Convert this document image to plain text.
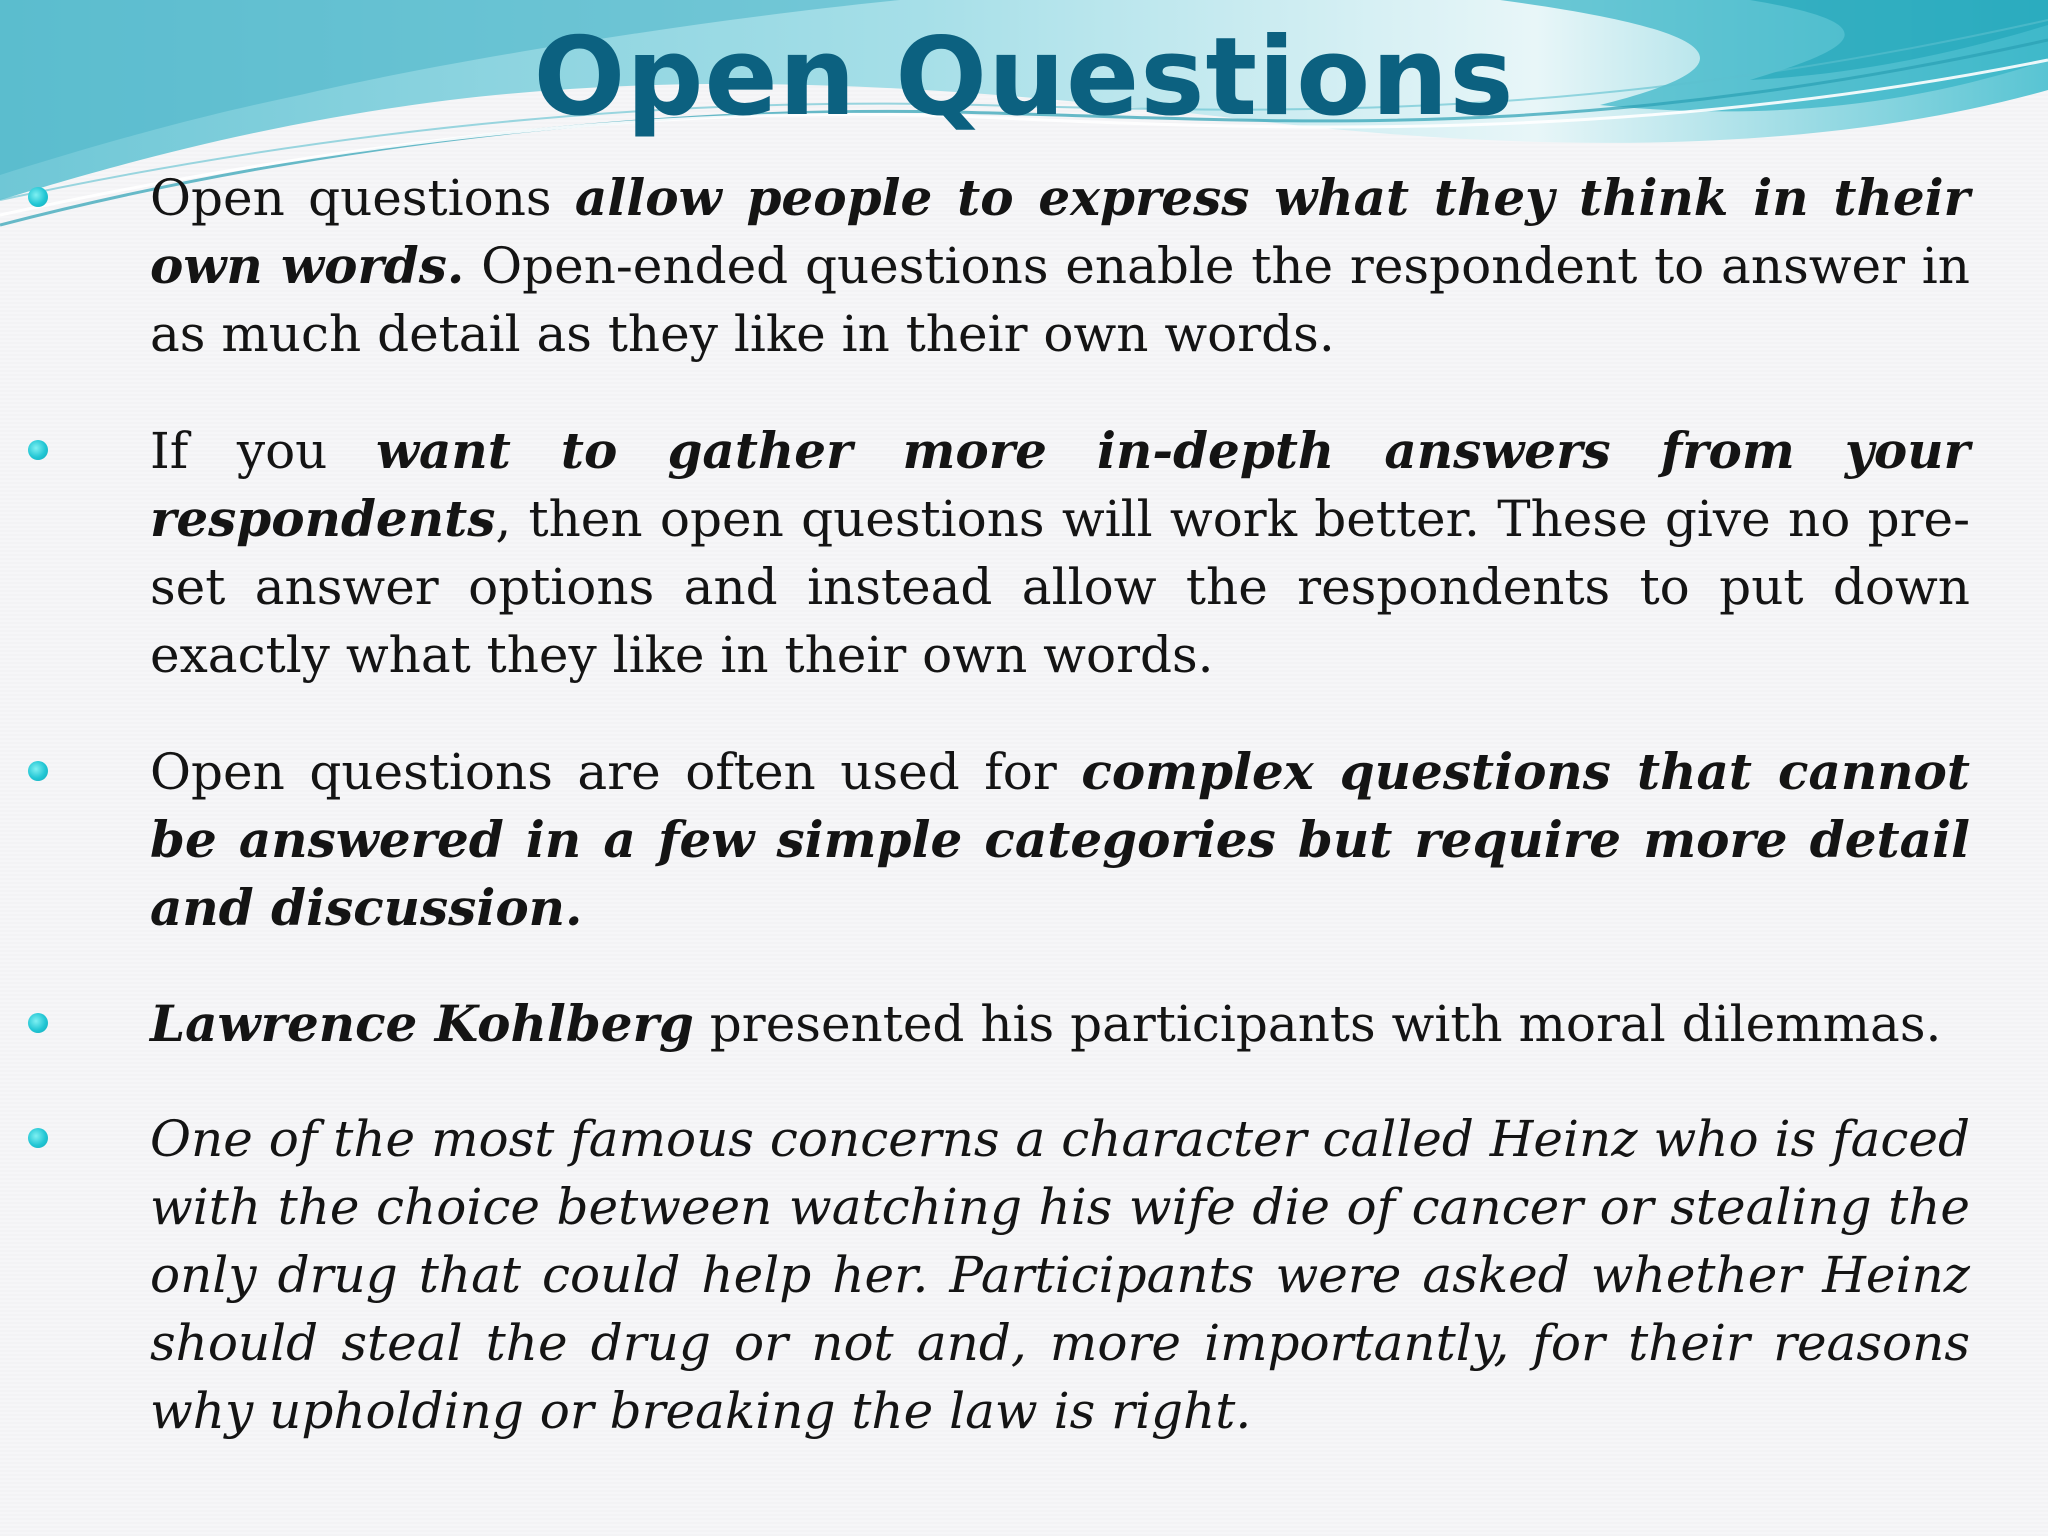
Open Questions

Open questions allow people to express what they think in their own words. Open-ended questions enable the respondent to answer in as much detail as they like in their own words.

If you want to gather more in-depth answers from your respondents, then open questions will work better. These give no pre-set answer options and instead allow the respondents to put down exactly what they like in their own words.

Open questions are often used for complex questions that cannot be answered in a few simple categories but require more detail and discussion.

Lawrence Kohlberg presented his participants with moral dilemmas.

One of the most famous concerns a character called Heinz who is faced with the choice between watching his wife die of cancer or stealing the only drug that could help her. Participants were asked whether Heinz should steal the drug or not and, more importantly, for their reasons why upholding or breaking the law is right.
